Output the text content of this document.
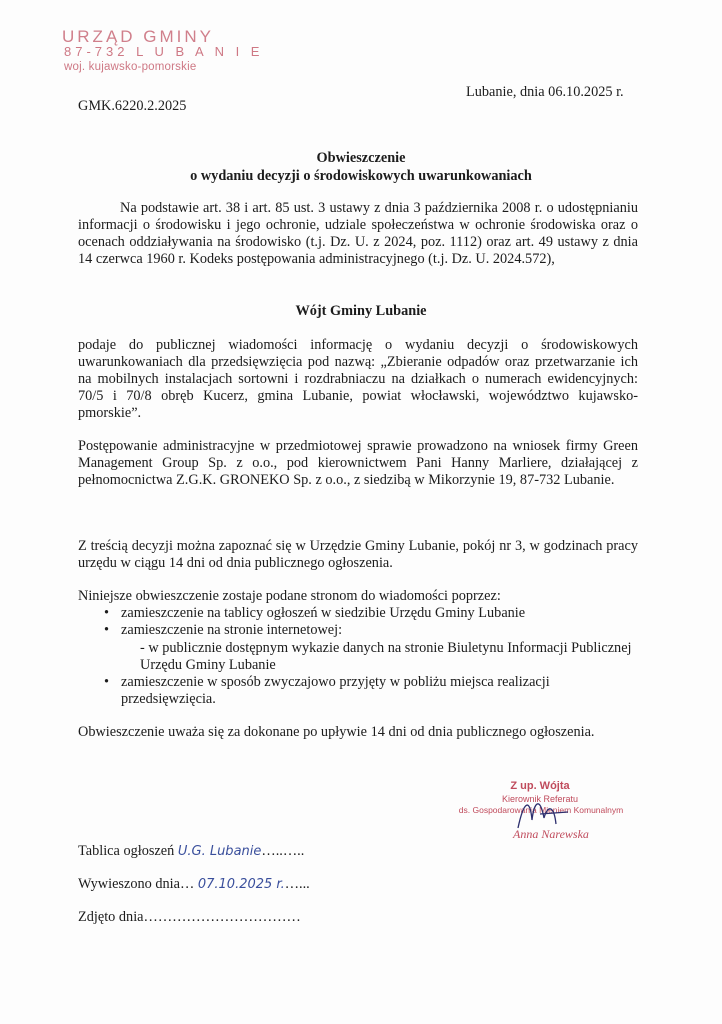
URZĄD GMINY
87-732 L U B A N I E
woj. kujawsko-pomorskie
Lubanie, dnia 06.10.2025 r.
GMK.6220.2.2025
Obwieszczenie
o wydaniu decyzji o środowiskowych uwarunkowaniach
Na podstawie art. 38 i art. 85 ust. 3 ustawy z dnia 3 października 2008 r. o udostępnianiu informacji o środowisku i jego ochronie, udziale społeczeństwa w ochronie środowiska oraz o ocenach oddziaływania na środowisko (t.j. Dz. U. z 2024, poz. 1112) oraz art. 49 ustawy z dnia 14 czerwca 1960 r. Kodeks postępowania administracyjnego (t.j. Dz. U. 2024.572),
Wójt Gminy Lubanie
podaje do publicznej wiadomości informację o wydaniu decyzji o środowiskowych uwarunkowaniach dla przedsięwzięcia pod nazwą: „Zbieranie odpadów oraz przetwarzanie ich na mobilnych instalacjach sortowni i rozdrabniaczu na działkach o numerach ewidencyjnych: 70/5 i 70/8 obręb Kucerz, gmina Lubanie, powiat włocławski, województwo kujawsko-pmorskie”.
Postępowanie administracyjne w przedmiotowej sprawie prowadzono na wniosek firmy Green Management Group Sp. z o.o., pod kierownictwem Pani Hanny Marliere, działającej z pełnomocnictwa Z.G.K. GRONEKO Sp. z o.o., z siedzibą w Mikorzynie 19, 87-732 Lubanie.
Z treścią decyzji można zapoznać się w Urzędzie Gminy Lubanie, pokój nr 3, w godzinach pracy urzędu w ciągu 14 dni od dnia publicznego ogłoszenia.
Niniejsze obwieszczenie zostaje podane stronom do wiadomości poprzez:
• zamieszczenie na tablicy ogłoszeń w siedzibie Urzędu Gminy Lubanie
• zamieszczenie na stronie internetowej:
- w publicznie dostępnym wykazie danych na stronie Biuletynu Informacji Publicznej Urzędu Gminy Lubanie
• zamieszczenie w sposób zwyczajowo przyjęty w pobliżu miejsca realizacji przedsięwzięcia.
Obwieszczenie uważa się za dokonane po upływie 14 dni od dnia publicznego ogłoszenia.
Z up. Wójta
Kierownik Referatu
ds. Gospodarowania Mieniem Komunalnym
Anna Narewska
Tablica ogłoszeń U.G. Lubanie…..…..
Wywieszono dnia… 07.10.2025 r.…...
Zdjęto dnia……………………………
